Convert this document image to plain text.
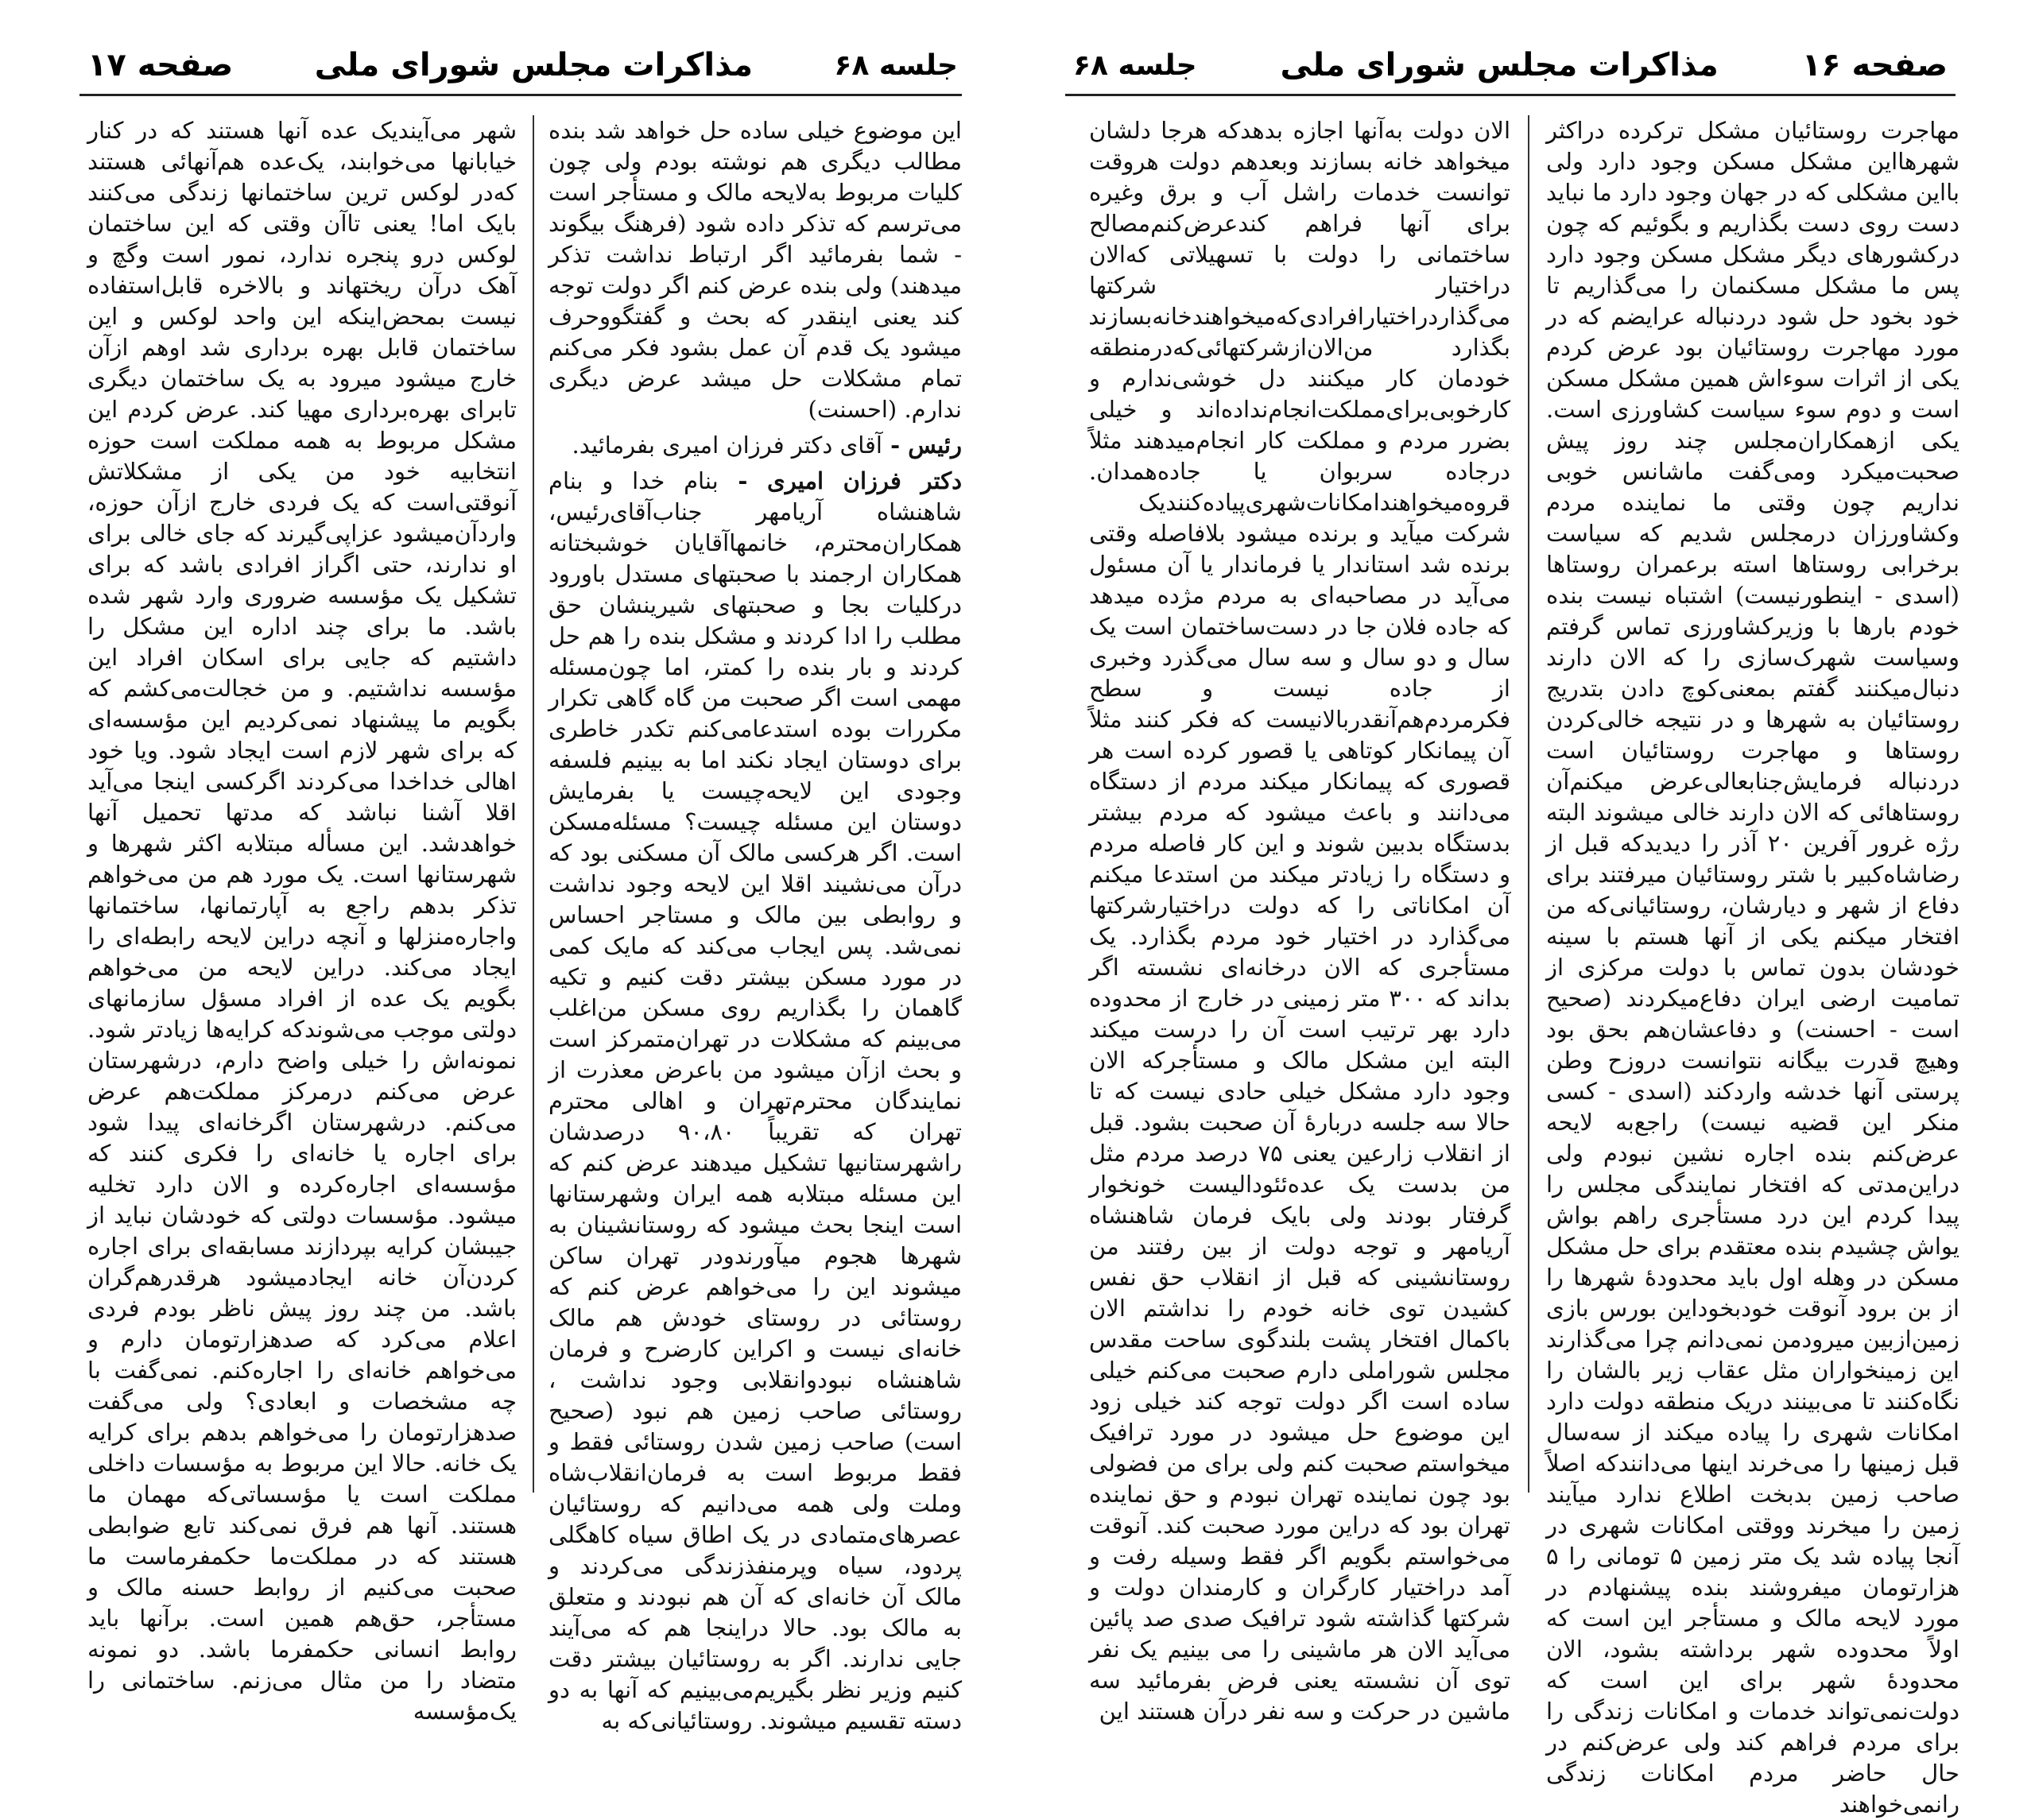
جلسه ۶۸
مذاکرات مجلس شورای ملی
صفحه ۱۷

این موضوع خیلی ساده حل خواهد شد بنده مطالب دیگری هم نوشته بودم ولی چون کلیات مربوط به‌لایحه مالک و مستأجر است می‌ترسم که تذکر داده شود (فرهنگ بیگوند - شما بفرمائید اگر ارتباط نداشت تذکر میدهند) ولی بنده عرض کنم اگر دولت توجه کند یعنی اینقدر که بحث و گفتگووحرف میشود یک قدم آن عمل بشود فکر می‌کنم تمام مشکلات حل میشد عرض دیگری ندارم. (احسنت)

رئیس - آقای دکتر فرزان امیری بفرمائید.

دکتر فرزان امیری - بنام خدا و بنام شاهنشاه آریامهر جناب‌آقای‌رئیس، همکاران‌محترم، خانمها‌آقایان خوشبختانه همکاران ارجمند با صحبتهای مستدل باورود درکلیات بجا و صحبتهای شیرینشان حق مطلب را ادا کردند و مشکل بنده را هم حل کردند و بار بنده را کمتر، اما چون‌مسئله مهمی است اگر صحبت من گاه گاهی تکرار مکررات بوده استدعامی‌کنم تکدر خاطری برای دوستان ایجاد نکند اما به بینیم فلسفه وجودی این لایحه‌چیست یا بفرمایش دوستان این مسئله چیست؟ مسئله‌مسکن است. اگر هرکسی مالک آن مسکنی بود که درآن می‌نشیند اقلا این لایحه وجود نداشت و روابطی بین مالک و مستاجر احساس نمی‌شد. پس ایجاب می‌کند که مایک کمی در مورد مسکن بیشتر دقت کنیم و تکیه گاهمان را بگذاریم روی مسکن من‌اغلب می‌بینم که مشکلات در تهران‌متمرکز است و بحث ازآن میشود من باعرض معذرت از نمایندگان محترم‌تهران و اهالی محترم تهران که تقریباً ۹۰،۸۰ درصدشان راشهرستانیها تشکیل میدهند عرض کنم که این مسئله مبتلابه همه ایران وشهرستانها است اینجا بحث میشود که روستانشینان به شهرها هجوم میآورندودر تهران ساکن میشوند این را می‌خواهم عرض کنم که روستائی در روستای خودش هم مالک خانه‌ای نیست و اکراین کارضرح و فرمان شاهنشاه نبودوانقلابی وجود نداشت ، روستائی صاحب زمین هم نبود (صحیح است) صاحب زمین شدن روستائی فقط و فقط مربوط است به فرمان‌انقلاب‌شاه وملت ولی همه می‌دانیم که روستائیان عصرهای‌متمادی در یک اطاق سیاه کاهگلی پردود، سیاه وپرمنفذزندگی می‌کردند و مالک آن خانه‌ای که آن هم نبودند و متعلق به مالک بود. حالا دراینجا هم که می‌آیند جایی ندارند. اگر به روستائیان بیشتر دقت کنیم وزیر نظر بگیریم‌می‌بینیم که آنها به دو دسته تقسیم میشوند. روستائیانی‌که به

شهر می‌آیندیک عده آنها هستند که در کنار خیابانها می‌خوابند، یک‌عده هم‌آنهائی هستند که‌در لوکس ترین ساختمانها زندگی می‌کنند بایک اما! یعنی تاآن وقتی که این ساختمان لوکس درو پنجره ندارد، نمور است وگچ و آهک درآن ریختهاند و بالاخره قابل‌استفاده نیست بمحض‌اینکه این واحد لوکس و این ساختمان قابل بهره برداری شد اوهم ازآن خارج میشود میرود به یک ساختمان دیگری تابرای بهره‌برداری مهیا کند. عرض کردم این مشکل مربوط به همه مملکت است حوزه انتخابیه خود من یکی از مشکلاتش آنوقتی‌است که یک فردی خارج ازآن حوزه، واردآن‌میشود عزاپی‌گیرند که جای خالی برای او ندارند، حتی اگراز افرادی باشد که برای تشکیل یک مؤسسه ضروری وارد شهر شده باشد. ما برای چند اداره این مشکل را داشتیم که جایی برای اسکان افراد این مؤسسه نداشتیم. و من خجالت‌می‌کشم که بگویم ما پیشنهاد نمی‌کردیم این مؤسسه‌ای که برای شهر لازم است ایجاد شود. ویا خود اهالی خداخدا می‌کردند اگرکسی اینجا می‌آید اقلا آشنا نباشد که مدتها تحمیل آنها خواهدشد. این مسأله مبتلابه اکثر شهرها و شهرستانها است. یک مورد هم من می‌خواهم تذکر بدهم راجع به آپارتمانها، ساختمانها واجاره‌منزلها و آنچه دراین لایحه رابطه‌ای را ایجاد می‌کند. دراین لایحه من می‌خواهم بگویم یک عده از افراد مسؤل سازمانهای دولتی موجب می‌شوندکه کرایه‌ها زیادتر شود. نمونه‌اش را خیلی واضح دارم، درشهرستان عرض می‌کنم درمرکز مملکت‌هم عرض می‌کنم. درشهرستان اگرخانه‌ای پیدا شود برای اجاره یا خانه‌ای را فکری کنند که مؤسسه‌ای اجاره‌کرده و الان دارد تخلیه میشود. مؤسسات دولتی که خودشان نباید از جیبشان کرایه بپردازند مسابقه‌ای برای اجاره کردن‌آن خانه ایجادمیشود هرقدرهم‌گران باشد. من چند روز پیش ناظر بودم فردی اعلام می‌کرد که صدهزارتومان دارم و می‌خواهم خانه‌ای را اجاره‌کنم. نمی‌گفت با چه مشخصات و ابعادی؟ ولی می‌گفت صدهزارتومان را می‌خواهم بدهم برای کرایه یک خانه. حالا این مربوط به مؤسسات داخلی مملکت است یا مؤسساتی‌که مهمان ما هستند. آنها هم فرق نمی‌کند تابع ضوابطی هستند که در مملکت‌ما حکمفرماست ما صحبت می‌کنیم از روابط حسنه مالک و مستأجر، حق‌هم همین است. برآنها باید روابط انسانی حکمفرما باشد. دو نمونه متضاد را من مثال می‌زنم. ساختمانی را یک‌مؤسسه

صفحه ۱۶
مذاکرات مجلس شورای ملی
جلسه ۶۸

مهاجرت روستائیان مشکل ترکرده دراکثر شهرهااین مشکل مسکن وجود دارد ولی بااین مشکلی که در جهان وجود دارد ما نباید دست روی دست بگذاریم و بگوئیم که چون درکشورهای دیگر مشکل مسکن وجود دارد پس ما مشکل مسکنمان را می‌گذاریم تا خود بخود حل شود دردنباله عرایضم که در مورد مهاجرت روستائیان بود عرض کردم یکی از اثرات سوءاش همین مشکل مسکن است و دوم سوء سیاست کشاورزی است. یکی ازهمکاران‌مجلس چند روز پیش صحبت‌میکرد ومی‌گفت ماشانس خوبی نداریم چون وقتی ما نماینده مردم وکشاورزان درمجلس شدیم که سیاست برخرابی روستاها استه برعمران روستاها (اسدی - اینطورنیست) اشتباه نیست بنده خودم بارها با وزیرکشاورزی تماس گرفتم وسیاست شهرک‌سازی را که الان دارند دنبال‌میکنند گفتم بمعنی‌کوچ دادن بتدریج روستائیان به شهرها و در نتیجه خالی‌کردن روستاها و مهاجرت روستائیان است دردنباله فرمایش‌جنابعالی‌عرض میکنم‌آن روستاهائی که الان دارند خالی میشوند البته رژه غرور آفرین ۲۰ آذر را دیدیدکه قبل از رضاشاه‌کبیر با شتر روستائیان میرفتند برای دفاع از شهر و دیارشان، روستائیانی‌که من افتخار میکنم یکی از آنها هستم با سینه خودشان بدون تماس با دولت مرکزی از تمامیت ارضی ایران دفاع‌میکردند (صحیح است - احسنت) و دفاعشان‌هم بحق بود وهیچ قدرت بیگانه نتوانست دروزح وطن پرستی آنها خدشه واردکند (اسدی - کسی منکر این قضیه نیست) راجع‌به لایحه عرض‌کنم بنده اجاره نشین نبودم ولی دراین‌مدتی که افتخار نمایندگی مجلس را پیدا کردم این درد مستأجری راهم بواش یواش چشیدم بنده معتقدم برای حل مشکل مسکن در وهله اول باید محدودهٔ شهرها را از بن برود آنوقت خودبخوداین بورس بازی زمین‌ازبین میرودمن نمی‌دانم چرا می‌گذارند این زمینخواران مثل عقاب زیر بالشان را نگاه‌کنند تا می‌بینند دریک منطقه دولت دارد امکانات شهری را پیاده میکند از سه‌سال قبل زمینها را می‌خرند اینها می‌دانندکه اصلاً صاحب زمین بدبخت اطلاع ندارد میآیند زمین را میخرند ووقتی امکانات شهری در آنجا پیاده شد یک متر زمین ۵ تومانی را ۵ هزارتومان میفروشند بنده پیشنهادم در مورد لایحه مالک و مستأجر این است که اولاً محدوده شهر برداشته بشود، الان محدودهٔ شهر برای این است که دولت‌نمی‌تواند خدمات و امکانات زندگی را برای مردم فراهم کند ولی عرض‌کنم در حال حاضر مردم امکانات زندگی رانمی‌خواهند

الان دولت به‌آنها اجازه بدهدکه هرجا دلشان میخواهد خانه بسازند وبعدهم دولت هروقت توانست خدمات راشل آب و برق وغیره برای آنها فراهم کندعرض‌کنم‌مصالح ساختمانی را دولت با تسهیلاتی که‌الان دراختیار شرکتها می‌گذاردراختیارافرادی‌که‌میخواهندخانه‌بسازند بگذارد من‌الان‌ازشرکتهائی‌که‌درمنطقه خودمان کار میکنند دل خوشی‌ندارم و کارخوبی‌برای‌مملکت‌انجام‌نداده‌اند و خیلی بضرر مردم و مملکت کار انجام‌میدهند مثلاً درجاده سربوان یا جاده‌همدان. قروه‌میخواهندامکانات‌شهری‌پیاده‌کنندیک شرکت میآید و برنده میشود بلافاصله وقتی برنده شد استاندار یا فرماندار یا آن مسئول می‌آید در مصاحبه‌ای به مردم مژده میدهد که جاده فلان جا در دست‌ساختمان است یک سال و دو سال و سه سال می‌گذرد وخبری از جاده نیست و سطح فکرمردم‌هم‌آنقدربالانیست که فکر کنند مثلاً آن پیمانکار کوتاهی یا قصور کرده است هر قصوری که پیمانکار میکند مردم از دستگاه می‌دانند و باعث میشود که مردم بیشتر بدستگاه بدبین شوند و این کار فاصله مردم و دستگاه را زیادتر میکند من استدعا میکنم آن امکاناتی را که دولت دراختیارشرکتها می‌گذارد در اختیار خود مردم بگذارد. یک مستأجری که الان درخانه‌ای نشسته اگر بداند که ۳۰۰ متر زمینی در خارج از محدوده دارد بهر ترتیب است آن را درست میکند البته این مشکل مالک و مستأجرکه الان وجود دارد مشکل خیلی حادی نیست که تا حالا سه جلسه دربارهٔ آن صحبت بشود. قبل از انقلاب زارعین یعنی ۷۵ درصد مردم مثل من بدست یک عده‌ئئودالیست خونخوار گرفتار بودند ولی بایک فرمان شاهنشاه آریامهر و توجه دولت از بین رفتند من روستانشینی که قبل از انقلاب حق نفس کشیدن توی خانه خودم را نداشتم الان باکمال افتخار پشت بلندگوی ساحت مقدس مجلس شوراملی دارم صحبت می‌کنم خیلی ساده است اگر دولت توجه کند خیلی زود این موضوع حل میشود در مورد ترافیک میخواستم صحبت کنم ولی برای من فضولی بود چون نماینده تهران نبودم و حق نماینده تهران بود که دراین مورد صحبت کند. آنوقت می‌خواستم بگویم اگر فقط وسیله رفت و آمد دراختیار کارگران و کارمندان دولت و شرکتها گذاشته شود ترافیک صدی صد پائین می‌آید الان هر ماشینی را می بینیم یک نفر توی آن نشسته یعنی فرض بفرمائید سه ماشین در حرکت و سه نفر درآن هستند این
